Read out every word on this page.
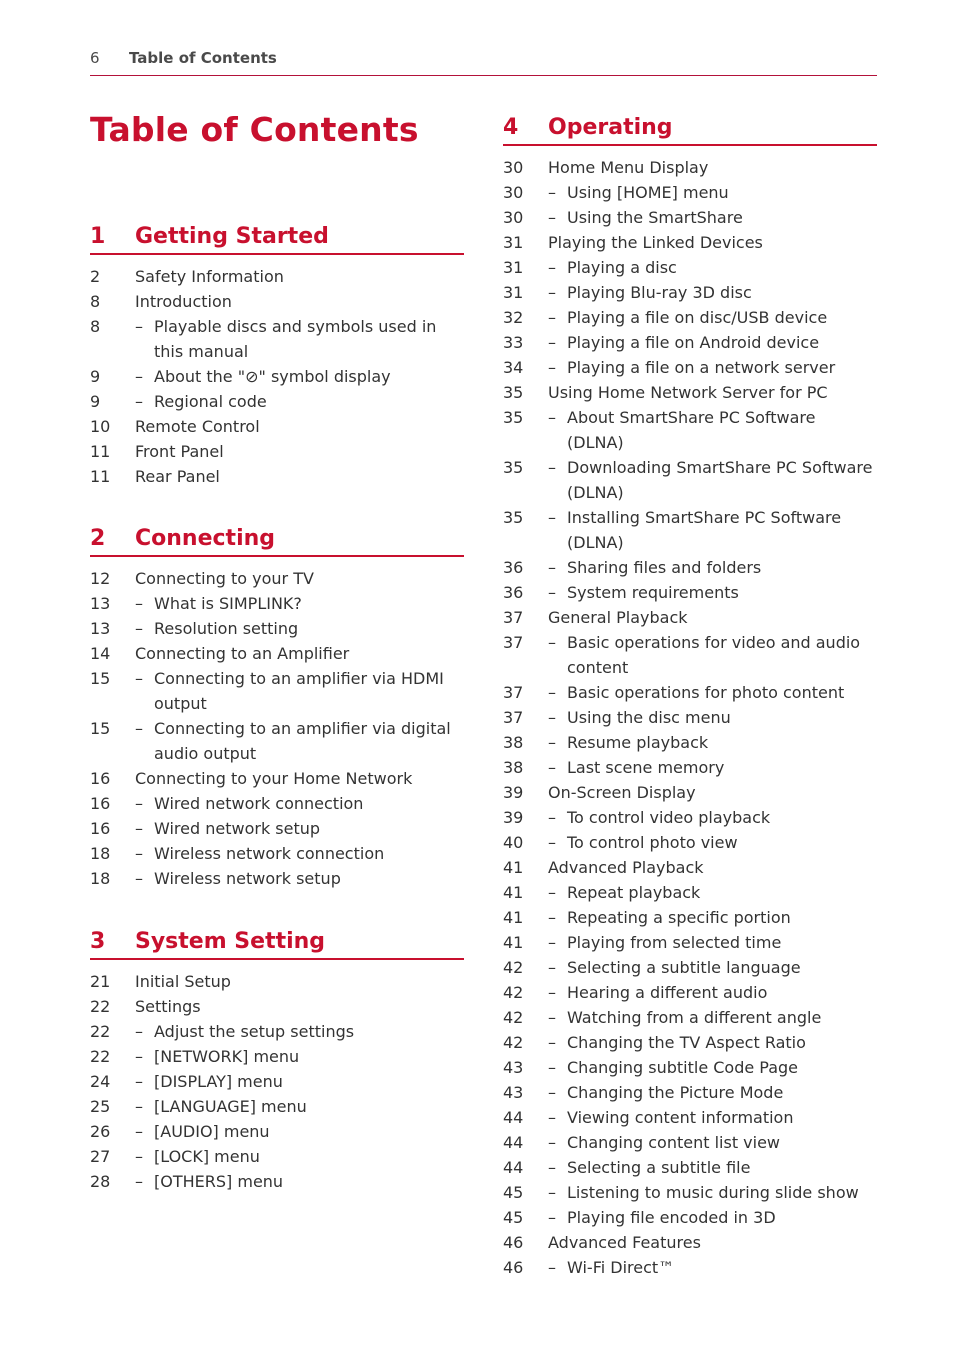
6 Table of Contents
Table of Contents
1 Getting Started
2	Safety Information
8	Introduction
8	– Playable discs and symbols used in this manual
9	– About the "⊘" symbol display
9	– Regional code
10	Remote Control
11	Front Panel
11	Rear Panel
2 Connecting
12	Connecting to your TV
13	– What is SIMPLINK?
13	– Resolution setting
14	Connecting to an Amplifier
15	– Connecting to an amplifier via HDMI output
15	– Connecting to an amplifier via digital audio output
16	Connecting to your Home Network
16	– Wired network connection
16	– Wired network setup
18	– Wireless network connection
18	– Wireless network setup
3 System Setting
21	Initial Setup
22	Settings
22	– Adjust the setup settings
22	– [NETWORK] menu
24	– [DISPLAY] menu
25	– [LANGUAGE] menu
26	– [AUDIO] menu
27	– [LOCK] menu
28	– [OTHERS] menu
4 Operating
30	Home Menu Display
30	– Using [HOME] menu
30	– Using the SmartShare
31	Playing the Linked Devices
31	– Playing a disc
31	– Playing Blu-ray 3D disc
32	– Playing a file on disc/USB device
33	– Playing a file on Android device
34	– Playing a file on a network server
35	Using Home Network Server for PC
35	– About SmartShare PC Software (DLNA)
35	– Downloading SmartShare PC Software (DLNA)
35	– Installing SmartShare PC Software (DLNA)
36	– Sharing files and folders
36	– System requirements
37	General Playback
37	– Basic operations for video and audio content
37	– Basic operations for photo content
37	– Using the disc menu
38	– Resume playback
38	– Last scene memory
39	On-Screen Display
39	– To control video playback
40	– To control photo view
41	Advanced Playback
41	– Repeat playback
41	– Repeating a specific portion
41	– Playing from selected time
42	– Selecting a subtitle language
42	– Hearing a different audio
42	– Watching from a different angle
42	– Changing the TV Aspect Ratio
43	– Changing subtitle Code Page
43	– Changing the Picture Mode
44	– Viewing content information
44	– Changing content list view
44	– Selecting a subtitle file
45	– Listening to music during slide show
45	– Playing file encoded in 3D
46	Advanced Features
46	– Wi-Fi Direct™
